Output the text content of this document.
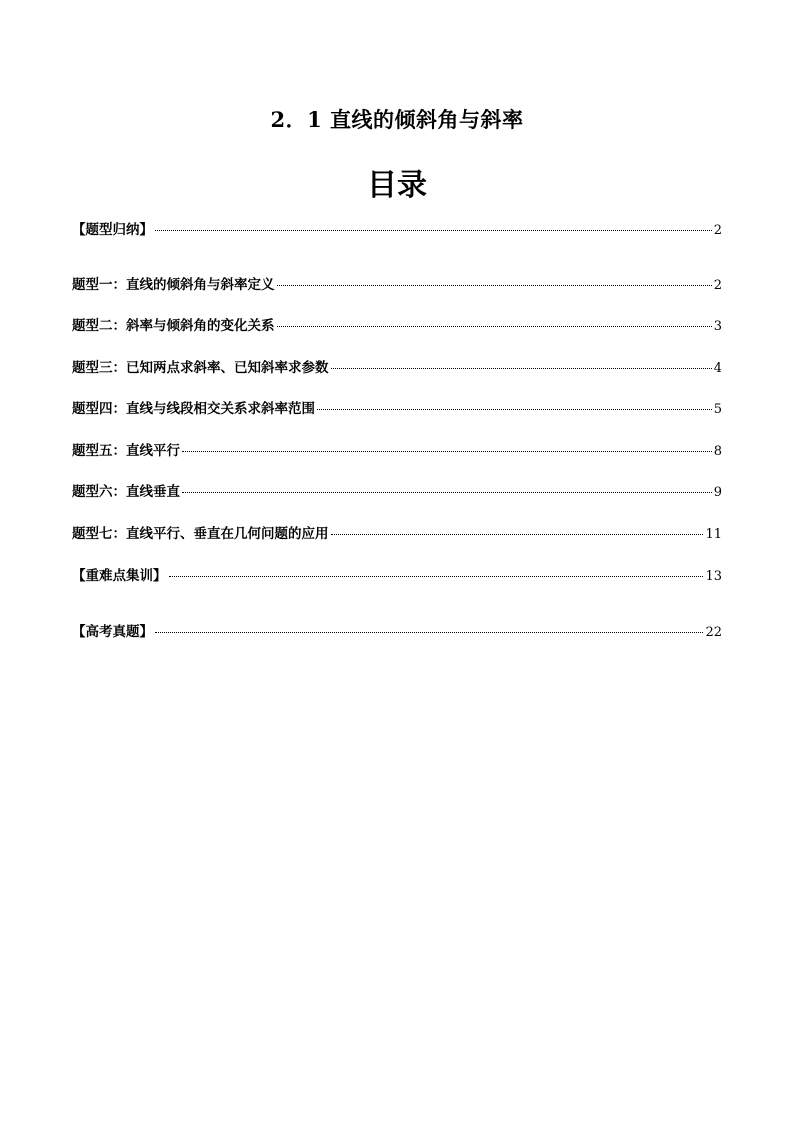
2．1 直线的倾斜角与斜率
目录
【题型归纳】	2
题型一：直线的倾斜角与斜率定义	2
题型二：斜率与倾斜角的变化关系	3
题型三：已知两点求斜率、已知斜率求参数	4
题型四：直线与线段相交关系求斜率范围	5
题型五：直线平行	8
题型六：直线垂直	9
题型七：直线平行、垂直在几何问题的应用	11
【重难点集训】	13
【高考真题】	22
